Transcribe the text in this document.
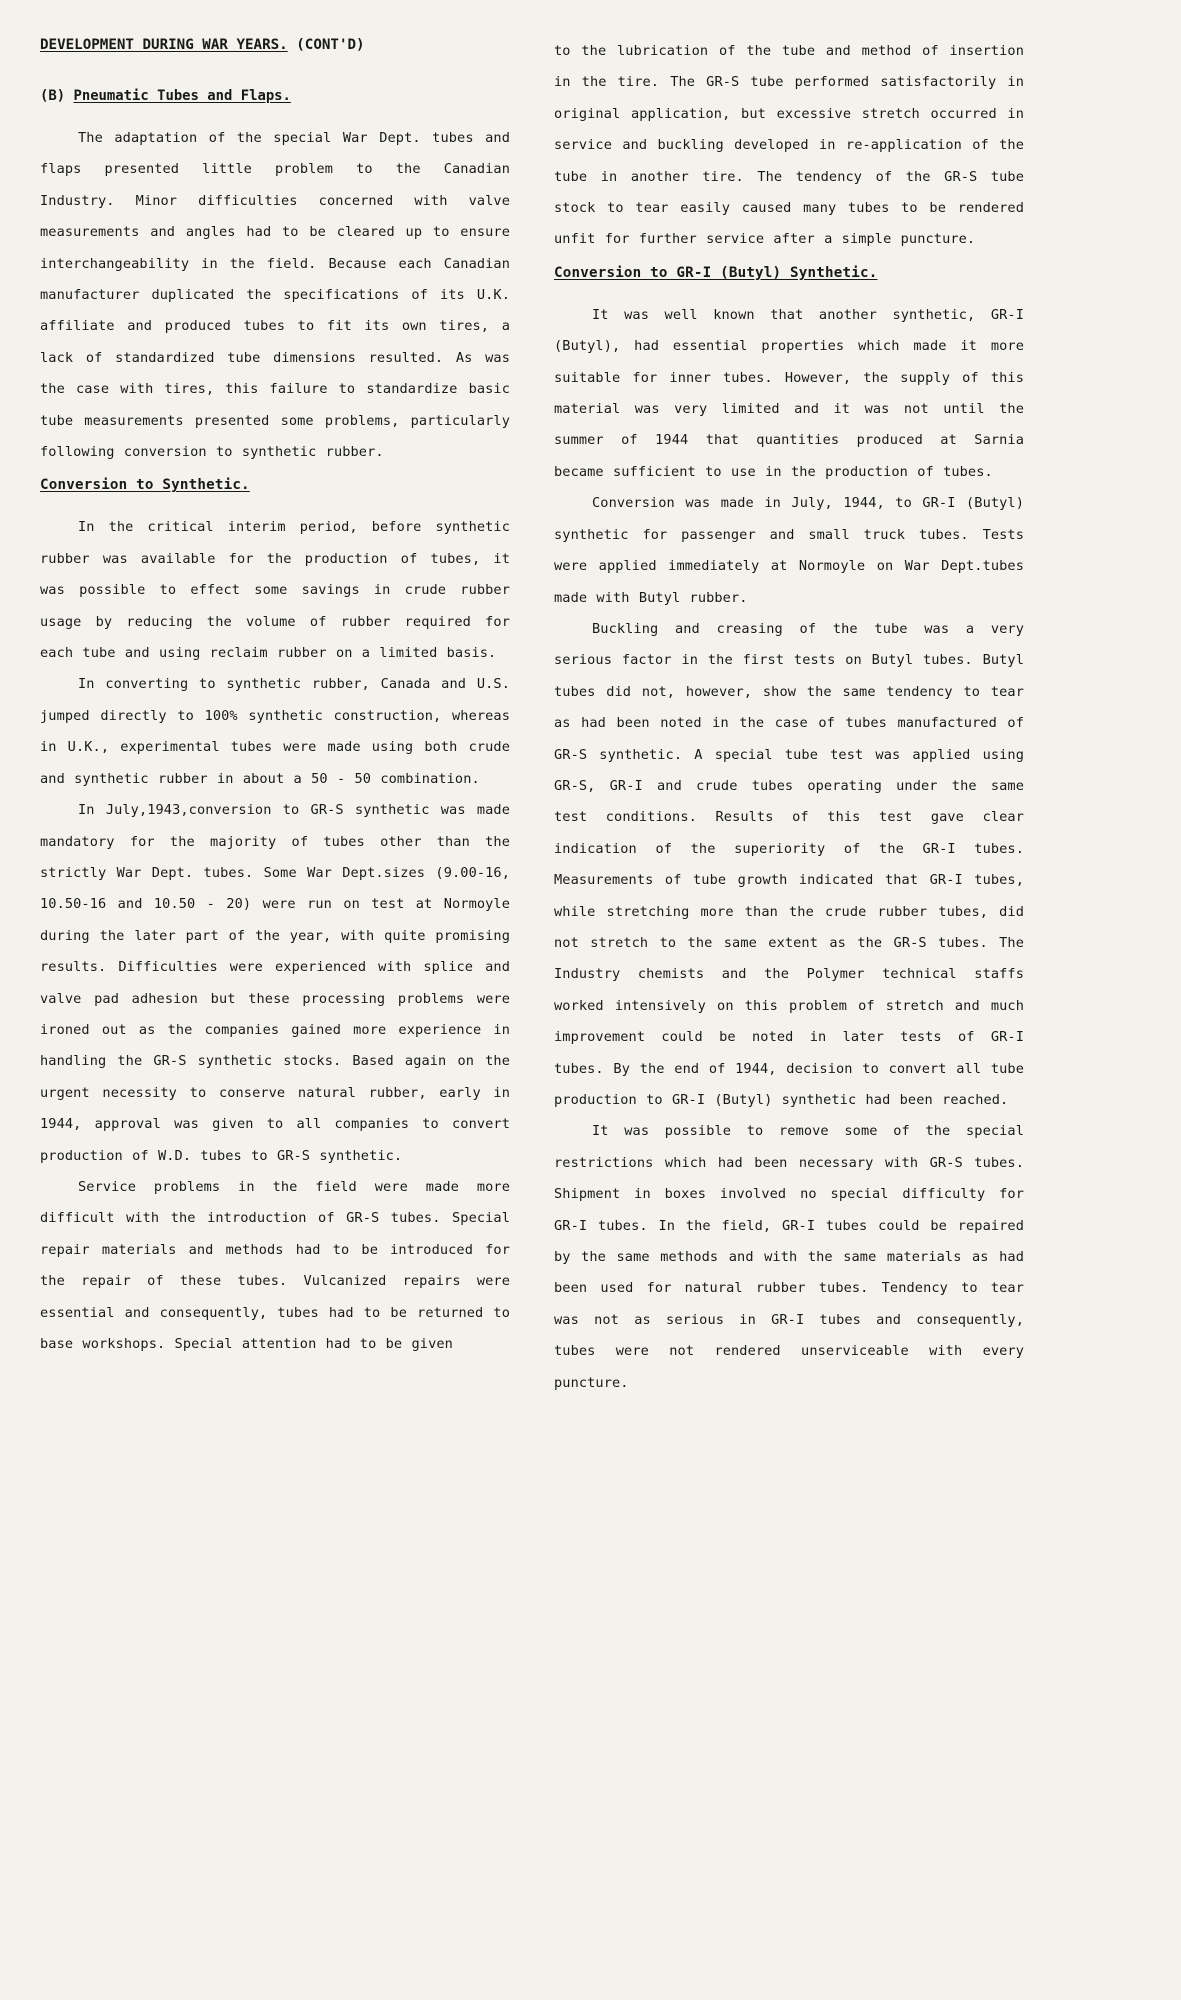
DEVELOPMENT DURING WAR YEARS. (CONT'D)
(B) Pneumatic Tubes and Flaps.

The adaptation of the special War Dept. tubes and flaps presented little problem to the Canadian Industry. Minor difficulties concerned with valve measurements and angles had to be cleared up to ensure interchangeability in the field. Because each Canadian manufacturer duplicated the specifications of its U.K. affiliate and produced tubes to fit its own tires, a lack of standardized tube dimensions resulted. As was the case with tires, this failure to standardize basic tube measurements presented some problems, particularly following conversion to synthetic rubber.

Conversion to Synthetic.

In the critical interim period, before synthetic rubber was available for the production of tubes, it was possible to effect some savings in crude rubber usage by reducing the volume of rubber required for each tube and using reclaim rubber on a limited basis.

In converting to synthetic rubber, Canada and U.S. jumped directly to 100% synthetic construction, whereas in U.K., experimental tubes were made using both crude and synthetic rubber in about a 50 - 50 combination.

In July,1943,conversion to GR-S synthetic was made mandatory for the majority of tubes other than the strictly War Dept. tubes. Some War Dept.sizes (9.00-16, 10.50-16 and 10.50 - 20) were run on test at Normoyle during the later part of the year, with quite promising results. Difficulties were experienced with splice and valve pad adhesion but these processing problems were ironed out as the companies gained more experience in handling the GR-S synthetic stocks. Based again on the urgent necessity to conserve natural rubber, early in 1944, approval was given to all companies to convert production of W.D. tubes to GR-S synthetic.

Service problems in the field were made more difficult with the introduction of GR-S tubes. Special repair materials and methods had to be introduced for the repair of these tubes. Vulcanized repairs were essential and consequently, tubes had to be returned to base workshops. Special attention had to be given

to the lubrication of the tube and method of insertion in the tire. The GR-S tube performed satisfactorily in original application, but excessive stretch occurred in service and buckling developed in re-application of the tube in another tire. The tendency of the GR-S tube stock to tear easily caused many tubes to be rendered unfit for further service after a simple puncture.

Conversion to GR-I (Butyl) Synthetic.

It was well known that another synthetic, GR-I (Butyl), had essential properties which made it more suitable for inner tubes. However, the supply of this material was very limited and it was not until the summer of 1944 that quantities produced at Sarnia became sufficient to use in the production of tubes.

Conversion was made in July, 1944, to GR-I (Butyl) synthetic for passenger and small truck tubes. Tests were applied immediately at Normoyle on War Dept.tubes made with Butyl rubber.

Buckling and creasing of the tube was a very serious factor in the first tests on Butyl tubes. Butyl tubes did not, however, show the same tendency to tear as had been noted in the case of tubes manufactured of GR-S synthetic. A special tube test was applied using GR-S, GR-I and crude tubes operating under the same test conditions. Results of this test gave clear indication of the superiority of the GR-I tubes. Measurements of tube growth indicated that GR-I tubes, while stretching more than the crude rubber tubes, did not stretch to the same extent as the GR-S tubes. The Industry chemists and the Polymer technical staffs worked intensively on this problem of stretch and much improvement could be noted in later tests of GR-I tubes. By the end of 1944, decision to convert all tube production to GR-I (Butyl) synthetic had been reached.

It was possible to remove some of the special restrictions which had been necessary with GR-S tubes. Shipment in boxes involved no special difficulty for GR-I tubes. In the field, GR-I tubes could be repaired by the same methods and with the same materials as had been used for natural rubber tubes. Tendency to tear was not as serious in GR-I tubes and consequently, tubes were not rendered unserviceable with every puncture.
